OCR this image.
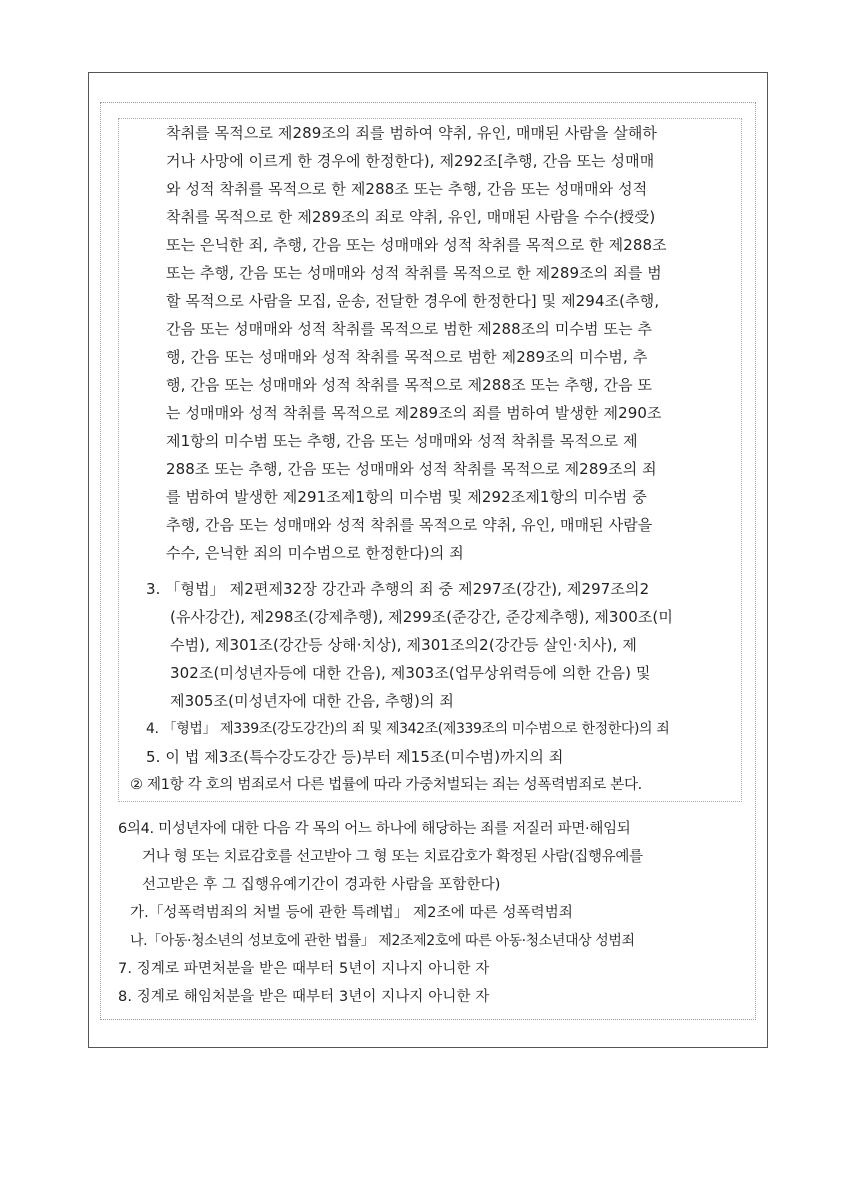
착취를 목적으로 제289조의 죄를 범하여 약취, 유인, 매매된 사람을 살해하
거나 사망에 이르게 한 경우에 한정한다), 제292조[추행, 간음 또는 성매매
와 성적 착취를 목적으로 한 제288조 또는 추행, 간음 또는 성매매와 성적
착취를 목적으로 한 제289조의 죄로 약취, 유인, 매매된 사람을 수수(授受)
또는 은닉한 죄, 추행, 간음 또는 성매매와 성적 착취를 목적으로 한 제288조
또는 추행, 간음 또는 성매매와 성적 착취를 목적으로 한 제289조의 죄를 범
할 목적으로 사람을 모집, 운송, 전달한 경우에 한정한다] 및 제294조(추행,
간음 또는 성매매와 성적 착취를 목적으로 범한 제288조의 미수범 또는 추
행, 간음 또는 성매매와 성적 착취를 목적으로 범한 제289조의 미수범, 추
행, 간음 또는 성매매와 성적 착취를 목적으로 제288조 또는 추행, 간음 또
는 성매매와 성적 착취를 목적으로 제289조의 죄를 범하여 발생한 제290조
제1항의 미수범 또는 추행, 간음 또는 성매매와 성적 착취를 목적으로 제
288조 또는 추행, 간음 또는 성매매와 성적 착취를 목적으로 제289조의 죄
를 범하여 발생한 제291조제1항의 미수범 및 제292조제1항의 미수범 중
추행, 간음 또는 성매매와 성적 착취를 목적으로 약취, 유인, 매매된 사람을
수수, 은닉한 죄의 미수범으로 한정한다)의 죄
3. 「형법」 제2편제32장 강간과 추행의 죄 중 제297조(강간), 제297조의2
(유사강간), 제298조(강제추행), 제299조(준강간, 준강제추행), 제300조(미
수범), 제301조(강간등 상해·치상), 제301조의2(강간등 살인·치사), 제
302조(미성년자등에 대한 간음), 제303조(업무상위력등에 의한 간음) 및
제305조(미성년자에 대한 간음, 추행)의 죄
4. 「형법」 제339조(강도강간)의 죄 및 제342조(제339조의 미수범으로 한정한다)의 죄
5. 이 법 제3조(특수강도강간 등)부터 제15조(미수범)까지의 죄
② 제1항 각 호의 범죄로서 다른 법률에 따라 가중처벌되는 죄는 성폭력범죄로 본다.
6의4. 미성년자에 대한 다음 각 목의 어느 하나에 해당하는 죄를 저질러 파면·해임되
거나 형 또는 치료감호를 선고받아 그 형 또는 치료감호가 확정된 사람(집행유예를
선고받은 후 그 집행유예기간이 경과한 사람을 포함한다)
가.「성폭력범죄의 처벌 등에 관한 특례법」 제2조에 따른 성폭력범죄
나.「아동·청소년의 성보호에 관한 법률」 제2조제2호에 따른 아동·청소년대상 성범죄
7. 징계로 파면처분을 받은 때부터 5년이 지나지 아니한 자
8. 징계로 해임처분을 받은 때부터 3년이 지나지 아니한 자
